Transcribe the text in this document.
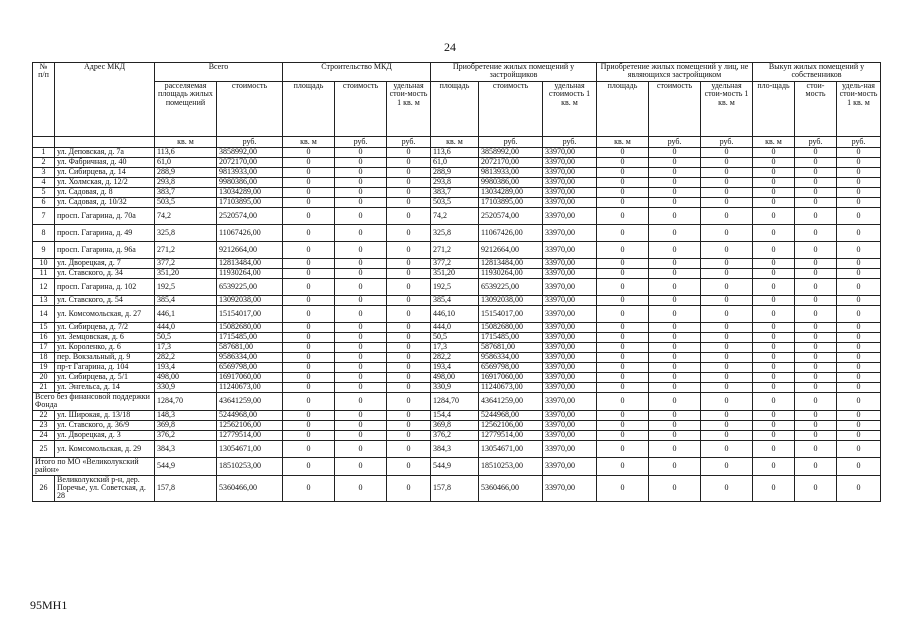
24
№
п/п	Адрес МКД	Всего		Строительство МКД			Приобретение жилых помещений у застройщиков			Приобретение жилых помещений у лиц, не являющихся застройщиком			Выкуп жилых помещений у собственников		
		расселяемая площадь жилых помещений	стоимость	площадь	стоимость	удельная стои-мость 1 кв. м	площадь	стоимость	удельная стоимость 1 кв. м	площадь	стоимость	удельная стои-мость 1 кв. м	пло-щадь	стои-мость	удель-ная стои-мость 1 кв. м
		кв. м	руб.	кв. м	руб.	руб.	кв. м	руб.	руб.	кв. м	руб.	руб.	кв. м	руб.	руб.
1	ул. Деповская, д. 7а	113,6	3858992,00	0	0	0	113,6	3858992,00	33970,00	0	0	0	0	0	0
2	ул. Фабричная, д. 40	61,0	2072170,00	0	0	0	61,0	2072170,00	33970,00	0	0	0	0	0	0
3	ул. Сибирцева, д. 14	288,9	9813933,00	0	0	0	288,9	9813933,00	33970,00	0	0	0	0	0	0
4	ул. Холмская, д. 12/2	293,8	9980386,00	0	0	0	293,8	9980386,00	33970,00	0	0	0	0	0	0
5	ул. Садовая, д. 8	383,7	13034289,00	0	0	0	383,7	13034289,00	33970,00	0	0	0	0	0	0
6	ул. Садовая, д. 10/32	503,5	17103895,00	0	0	0	503,5	17103895,00	33970,00	0	0	0	0	0	0
7	просп. Гагарина, д. 70а	74,2	2520574,00	0	0	0	74,2	2520574,00	33970,00	0	0	0	0	0	0
8	просп. Гагарина, д. 49	325,8	11067426,00	0	0	0	325,8	11067426,00	33970,00	0	0	0	0	0	0
9	просп. Гагарина, д. 96а	271,2	9212664,00	0	0	0	271,2	9212664,00	33970,00	0	0	0	0	0	0
10	ул. Дворецкая, д. 7	377,2	12813484,00	0	0	0	377,2	12813484,00	33970,00	0	0	0	0	0	0
11	ул. Ставского, д. 34	351,20	11930264,00	0	0	0	351,20	11930264,00	33970,00	0	0	0	0	0	0
12	просп. Гагарина, д. 102	192,5	6539225,00	0	0	0	192,5	6539225,00	33970,00	0	0	0	0	0	0
13	ул. Ставского, д. 54	385,4	13092038,00	0	0	0	385,4	13092038,00	33970,00	0	0	0	0	0	0
14	ул. Комсомольская, д. 27	446,1	15154017,00	0	0	0	446,10	15154017,00	33970,00	0	0	0	0	0	0
15	ул. Сибирцева, д. 7/2	444,0	15082680,00	0	0	0	444,0	15082680,00	33970,00	0	0	0	0	0	0
16	ул. Земцовская, д. 6	50,5	1715485,00	0	0	0	50,5	1715485,00	33970,00	0	0	0	0	0	0
17	ул. Короленко, д. 6	17,3	587681,00	0	0	0	17,3	587681,00	33970,00	0	0	0	0	0	0
18	пер. Вокзальный, д. 9	282,2	9586334,00	0	0	0	282,2	9586334,00	33970,00	0	0	0	0	0	0
19	пр-т Гагарина, д. 104	193,4	6569798,00	0	0	0	193,4	6569798,00	33970,00	0	0	0	0	0	0
20	ул. Сибирцева, д. 5/1	498,00	16917060,00	0	0	0	498,00	16917060,00	33970,00	0	0	0	0	0	0
21	ул. Энгельса, д. 14	330,9	11240673,00	0	0	0	330,9	11240673,00	33970,00	0	0	0	0	0	0
Всего без финансовой поддержки Фонда		1284,70	43641259,00	0	0	0	1284,70	43641259,00	33970,00	0	0	0	0	0	0
22	ул. Широкая, д. 13/18	148,3	5244968,00	0	0	0	154,4	5244968,00	33970,00	0	0	0	0	0	0
23	ул. Ставского, д. 36/9	369,8	12562106,00	0	0	0	369,8	12562106,00	33970,00	0	0	0	0	0	0
24	ул. Дворецкая, д. 3	376,2	12779514,00	0	0	0	376,2	12779514,00	33970,00	0	0	0	0	0	0
25	ул. Комсомольская, д. 29	384,3	13054671,00	0	0	0	384,3	13054671,00	33970,00	0	0	0	0	0	0
Итого по МО «Великолукский район»		544,9	18510253,00	0	0	0	544,9	18510253,00	33970,00	0	0	0	0	0	0
26	Великолукский р-н, дер. Поречье, ул. Советская, д. 28	157,8	5360466,00	0	0	0	157,8	5360466,00	33970,00	0	0	0	0	0	0
95МН1
